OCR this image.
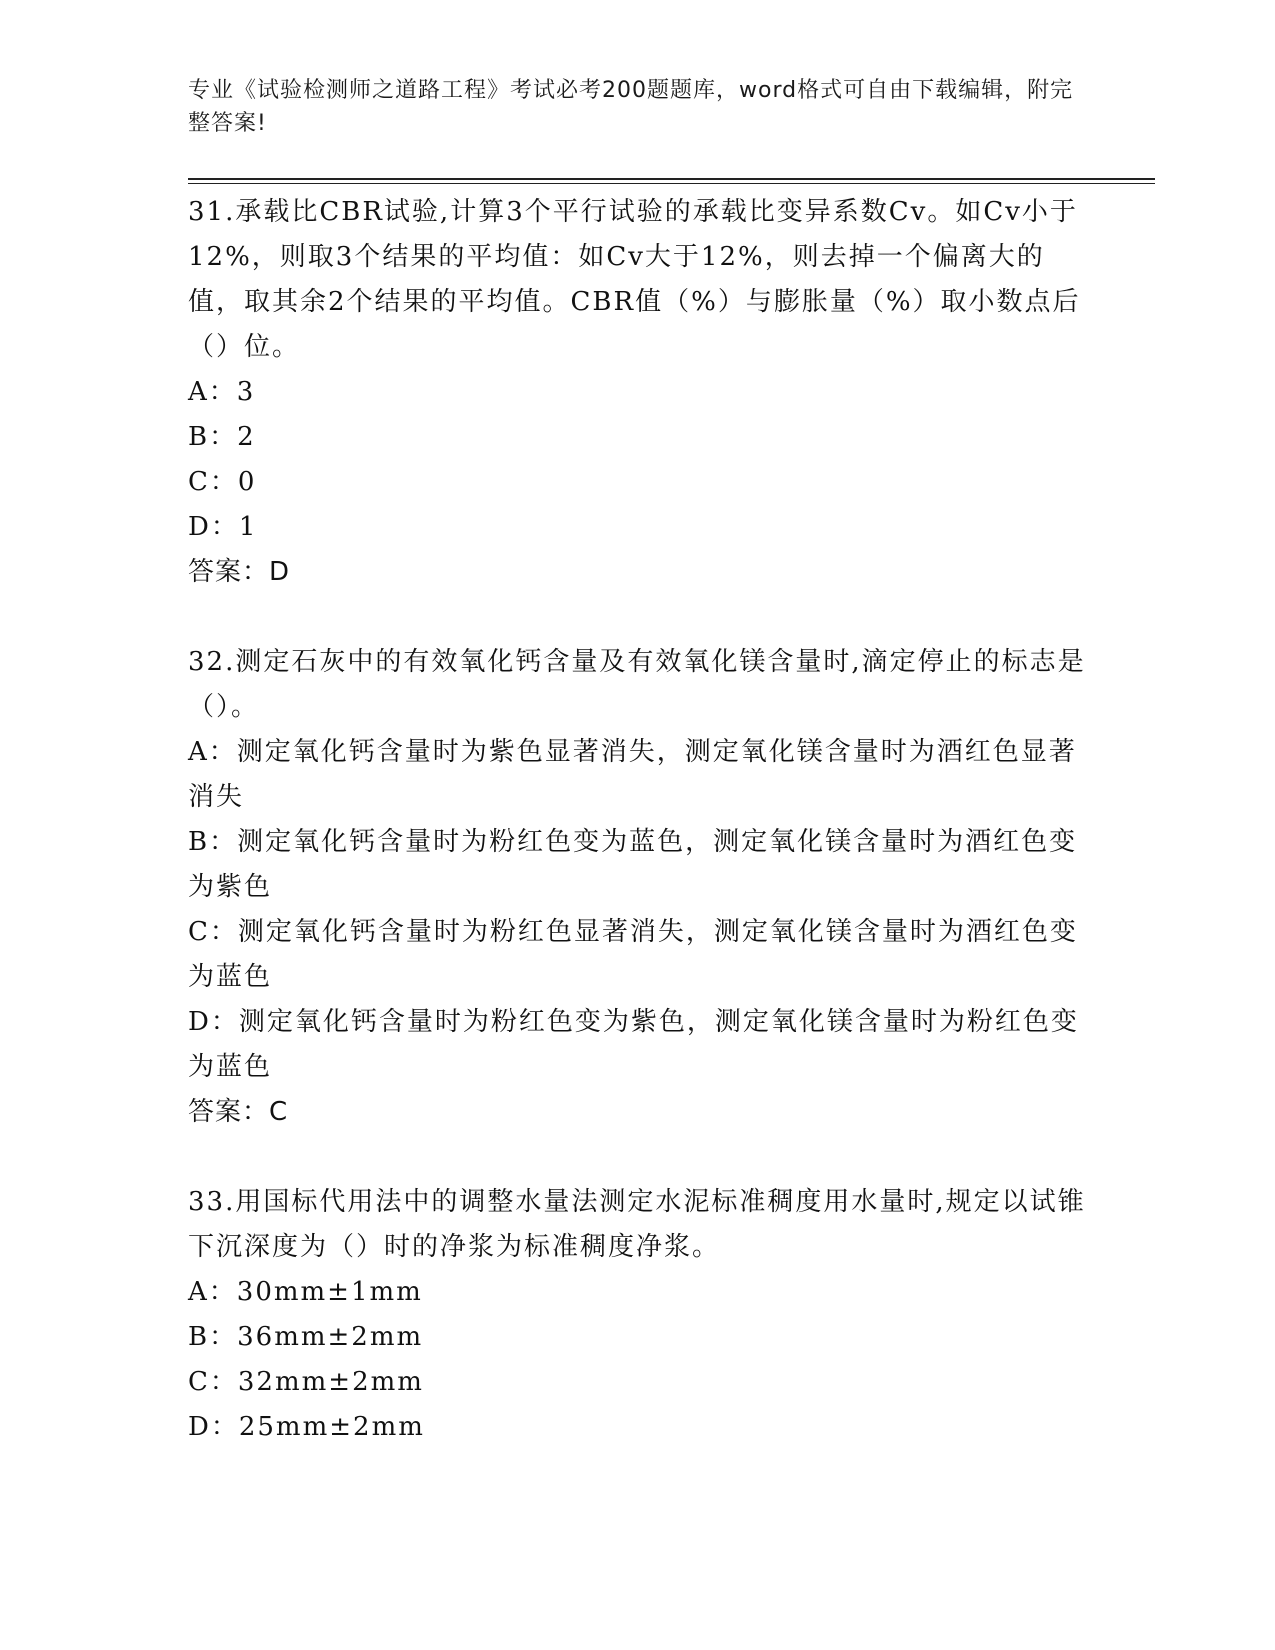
专业《试验检测师之道路工程》考试必考200题题库，word格式可自由下载编辑，附完整答案!

31.承载比CBR试验,计算3个平行试验的承载比变异系数Cv。如Cv小于12%，则取3个结果的平均值：如Cv大于12%，则去掉一个偏离大的值，取其余2个结果的平均值。CBR值（%）与膨胀量（%）取小数点后（）位。

A：3

B：2

C：0

D：1

答案：D

32.测定石灰中的有效氧化钙含量及有效氧化镁含量时,滴定停止的标志是（）。

A：测定氧化钙含量时为紫色显著消失，测定氧化镁含量时为酒红色显著消失

B：测定氧化钙含量时为粉红色变为蓝色，测定氧化镁含量时为酒红色变为紫色

C：测定氧化钙含量时为粉红色显著消失，测定氧化镁含量时为酒红色变为蓝色

D：测定氧化钙含量时为粉红色变为紫色，测定氧化镁含量时为粉红色变为蓝色

答案：C

33.用国标代用法中的调整水量法测定水泥标准稠度用水量时,规定以试锥下沉深度为（）时的净浆为标准稠度净浆。

A：30mm±1mm

B：36mm±2mm

C：32mm±2mm

D：25mm±2mm
